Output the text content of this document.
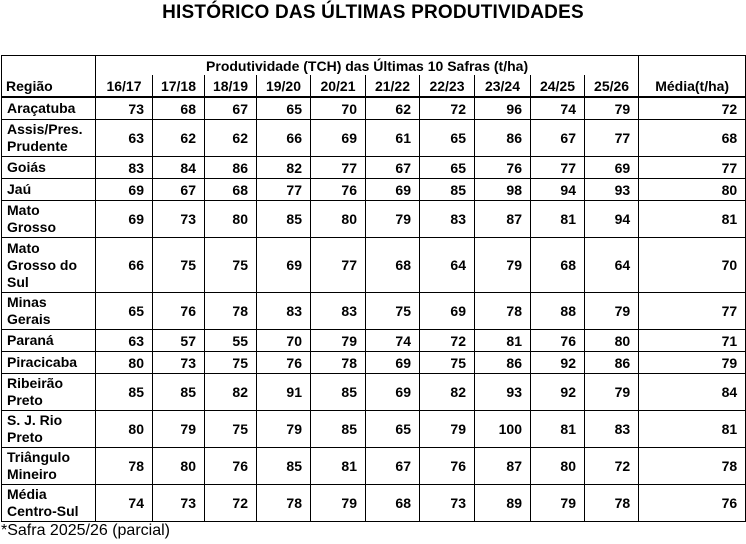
HISTÓRICO DAS ÚLTIMAS PRODUTIVIDADES
	Produtividade (TCH) das Últimas 10 Safras (t/ha)										
Região	16/17	17/18	18/19	19/20	20/21	21/22	22/23	23/24	24/25	25/26	Média(t/ha)

Araçatuba	73	68	67	65	70	62	72	96	74	79	72

Assis/Pres.
Prudente	63	62	62	66	69	61	65	86	67	77	68

Goiás	83	84	86	82	77	67	65	76	77	69	77

Jaú	69	67	68	77	76	69	85	98	94	93	80

Mato
Grosso	69	73	80	85	80	79	83	87	81	94	81

Mato
Grosso do
Sul	66	75	75	69	77	68	64	79	68	64	70

Minas
Gerais	65	76	78	83	83	75	69	78	88	79	77

Paraná	63	57	55	70	79	74	72	81	76	80	71

Piracicaba	80	73	75	76	78	69	75	86	92	86	79

Ribeirão
Preto	85	85	82	91	85	69	82	93	92	79	84

S. J. Rio
Preto	80	79	75	79	85	65	79	100	81	83	81

Triângulo
Mineiro	78	80	76	85	81	67	76	87	80	72	78

Média
Centro-Sul	74	73	72	78	79	68	73	89	79	78	76
*Safra 2025/26 (parcial)
